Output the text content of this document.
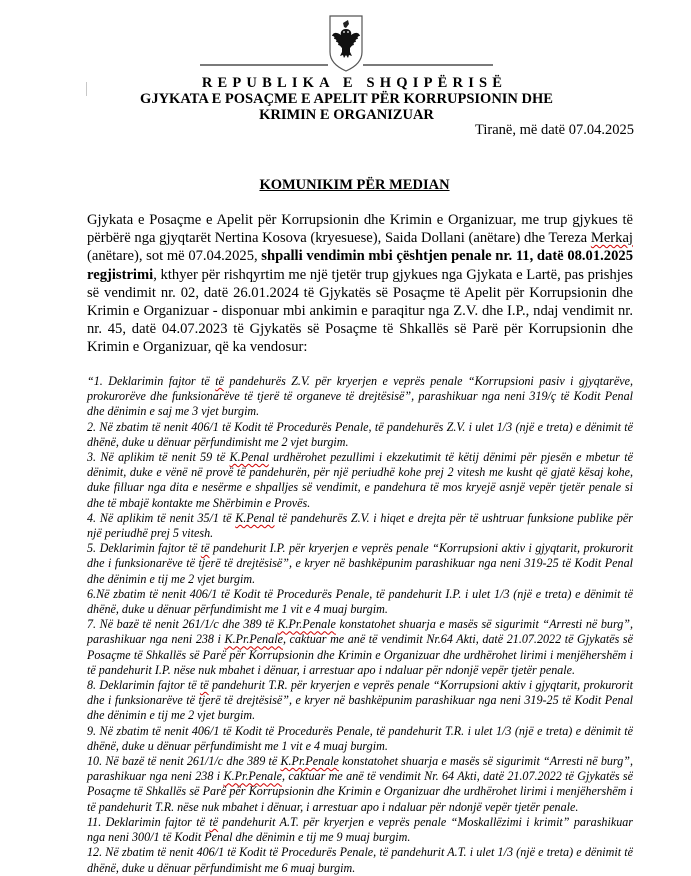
REPUBLIKA E SHQIPËRISË
GJYKATA E POSAÇME E APELIT PËR KORRUPSIONIN DHE KRIMIN E ORGANIZUAR
Tiranë, më datë 07.04.2025
KOMUNIKIM PËR MEDIAN
Gjykata e Posaçme e Apelit për Korrupsionin dhe Krimin e Organizuar, me trup gjykues të përbërë nga gjyqtarët Nertina Kosova (kryesuese), Saida Dollani (anëtare) dhe Tereza Merkaj (anëtare), sot më 07.04.2025, shpalli vendimin mbi çështjen penale nr. 11, datë 08.01.2025 regjistrimi, kthyer për rishqyrtim me një tjetër trup gjykues nga Gjykata e Lartë, pas prishjes së vendimit nr. 02, datë 26.01.2024 të Gjykatës së Posaçme të Apelit për Korrupsionin dhe Krimin e Organizuar - disponuar mbi ankimin e paraqitur nga Z.V. dhe I.P., ndaj vendimit nr. nr. 45, datë 04.07.2023 të Gjykatës së Posaçme të Shkallës së Parë për Korrupsionin dhe Krimin e Organizuar, që ka vendosur:

“1. Deklarimin fajtor të të pandehurës Z.V. për kryerjen e veprës penale “Korrupsioni pasiv i gjyqtarëve, prokurorëve dhe funksionarëve të tjerë të organeve të drejtësisë”, parashikuar nga neni 319/ç të Kodit Penal dhe dënimin e saj me 3 vjet burgim.

2. Në zbatim të nenit 406/1 të Kodit të Procedurës Penale, të pandehurës Z.V. i ulet 1/3 (një e treta) e dënimit të dhënë, duke u dënuar përfundimisht me 2 vjet burgim.

3. Në aplikim të nenit 59 të K.Penal urdhërohet pezullimi i ekzekutimit të këtij dënimi për pjesën e mbetur të dënimit, duke e vënë në provë të pandehurën, për një periudhë kohe prej 2 vitesh me kusht që gjatë kësaj kohe, duke filluar nga dita e nesërme e shpalljes së vendimit, e pandehura të mos kryejë asnjë vepër tjetër penale si dhe të mbajë kontakte me Shërbimin e Provës.

4. Në aplikim të nenit 35/1 të K.Penal të pandehurës Z.V. i hiqet e drejta për të ushtruar funksione publike për një periudhë prej 5 vitesh.

5. Deklarimin fajtor të të pandehurit I.P. për kryerjen e veprës penale “Korrupsioni aktiv i gjyqtarit, prokurorit dhe i funksionarëve të tjerë të drejtësisë”, e kryer në bashkëpunim parashikuar nga neni 319-25 të Kodit Penal dhe dënimin e tij me 2 vjet burgim.

6.Në zbatim të nenit 406/1 të Kodit të Procedurës Penale, të pandehurit I.P. i ulet 1/3 (një e treta) e dënimit të dhënë, duke u dënuar përfundimisht me 1 vit e 4 muaj burgim.

7. Në bazë të nenit 261/1/c dhe 389 të K.Pr.Penale konstatohet shuarja e masës së sigurimit “Arresti në burg”, parashikuar nga neni 238 i K.Pr.Penale, caktuar me anë të vendimit Nr.64 Akti, datë 21.07.2022 të Gjykatës së Posaçme të Shkallës së Parë për Korrupsionin dhe Krimin e Organizuar dhe urdhërohet lirimi i menjëhershëm i të pandehurit I.P. nëse nuk mbahet i dënuar, i arrestuar apo i ndaluar për ndonjë vepër tjetër penale.

8. Deklarimin fajtor të të pandehurit T.R. për kryerjen e veprës penale “Korrupsioni aktiv i gjyqtarit, prokurorit dhe i funksionarëve të tjerë të drejtësisë”, e kryer në bashkëpunim parashikuar nga neni 319-25 të Kodit Penal dhe dënimin e tij me 2 vjet burgim.

9. Në zbatim të nenit 406/1 të Kodit të Procedurës Penale, të pandehurit T.R. i ulet 1/3 (një e treta) e dënimit të dhënë, duke u dënuar përfundimisht me 1 vit e 4 muaj burgim.

10. Në bazë të nenit 261/1/c dhe 389 të K.Pr.Penale konstatohet shuarja e masës së sigurimit “Arresti në burg”, parashikuar nga neni 238 i K.Pr.Penale, caktuar me anë të vendimit Nr. 64 Akti, datë 21.07.2022 të Gjykatës së Posaçme të Shkallës së Parë për Korrupsionin dhe Krimin e Organizuar dhe urdhërohet lirimi i menjëhershëm i të pandehurit T.R. nëse nuk mbahet i dënuar, i arrestuar apo i ndaluar për ndonjë vepër tjetër penale.

11. Deklarimin fajtor të të pandehurit A.T. për kryerjen e veprës penale “Moskallëzimi i krimit” parashikuar nga neni 300/1 të Kodit Penal dhe dënimin e tij me 9 muaj burgim.

12. Në zbatim të nenit 406/1 të Kodit të Procedurës Penale, të pandehurit A.T. i ulet 1/3 (një e treta) e dënimit të dhënë, duke u dënuar përfundimisht me 6 muaj burgim.
